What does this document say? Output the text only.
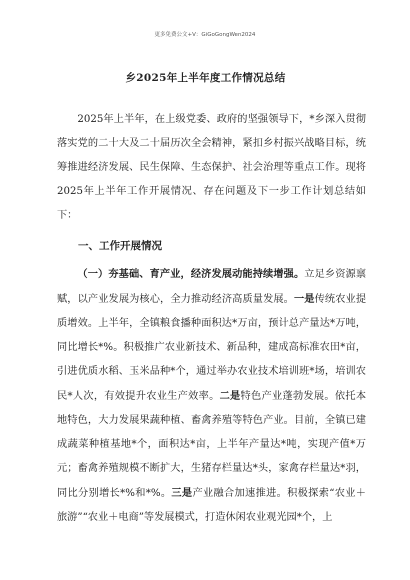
更多免费公文+V：GiGoGongWen2024
乡2025年上半年度工作情况总结

2025年上半年，在上级党委、政府的坚强领导下，*乡深入贯彻落实党的二十大及二十届历次全会精神，紧扣乡村振兴战略目标，统筹推进经济发展、民生保障、生态保护、社会治理等重点工作。现将2025年上半年工作开展情况、存在问题及下一步工作计划总结如下：

一、工作开展情况

（一）夯基础、育产业，经济发展动能持续增强。立足乡资源禀赋，以产业发展为核心，全力推动经济高质量发展。一是传统农业提质增效。上半年，全镇粮食播种面积达*万亩，预计总产量达*万吨，同比增长*%。积极推广农业新技术、新品种，建成高标准农田*亩，引进优质水稻、玉米品种*个，通过举办农业技术培训班*场，培训农民*人次，有效提升农业生产效率。二是特色产业蓬勃发展。依托本地特色，大力发展果蔬种植、畜禽养殖等特色产业。目前，全镇已建成蔬菜种植基地*个，面积达*亩，上半年产量达*吨，实现产值*万元；畜禽养殖规模不断扩大，生猪存栏量达*头，家禽存栏量达*羽，同比分别增长*%和*%。三是产业融合加速推进。积极探索“农业＋旅游”“农业＋电商”等发展模式，打造休闲农业观光园*个，上
